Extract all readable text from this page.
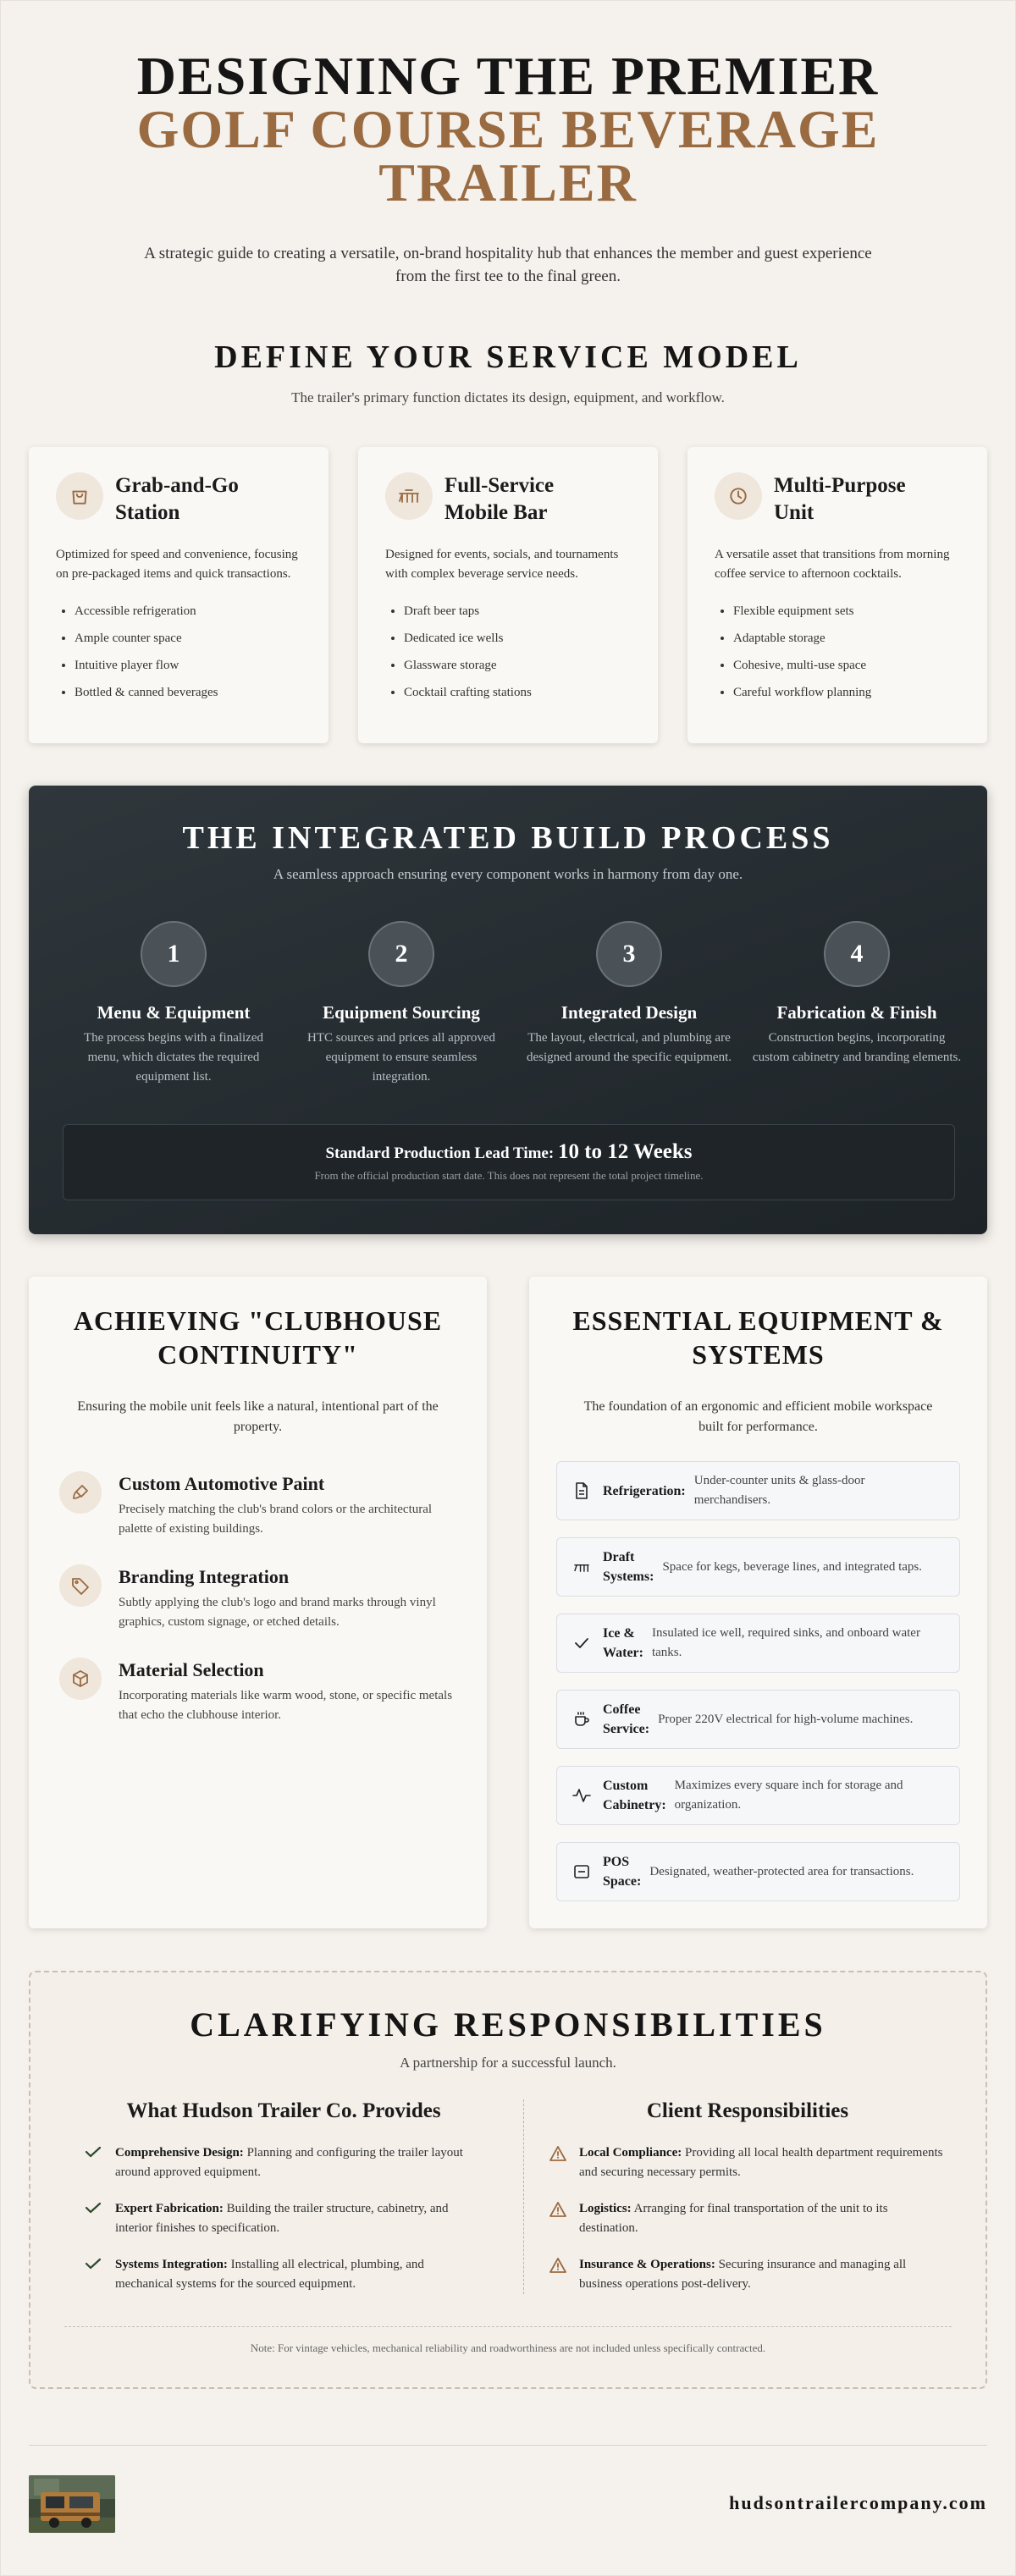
DESIGNING THE PREMIER
GOLF COURSE BEVERAGE
TRAILER
A strategic guide to creating a versatile, on-brand hospitality hub that enhances the member and guest experience from the first tee to the final green.
DEFINE YOUR SERVICE MODEL
The trailer's primary function dictates its design, equipment, and workflow.
Grab-and-Go
Station

Optimized for speed and convenience, focusing on pre-packaged items and quick transactions.

• Accessible refrigeration
• Ample counter space
• Intuitive player flow
• Bottled & canned beverages
Full-Service
Mobile Bar

Designed for events, socials, and tournaments with complex beverage service needs.

• Draft beer taps
• Dedicated ice wells
• Glassware storage
• Cocktail crafting stations
Multi-Purpose
Unit

A versatile asset that transitions from morning coffee service to afternoon cocktails.

• Flexible equipment sets
• Adaptable storage
• Cohesive, multi-use space
• Careful workflow planning
THE INTEGRATED BUILD PROCESS
A seamless approach ensuring every component works in harmony from day one.
1
Menu & Equipment

The process begins with a finalized menu, which dictates the required equipment list.

2
Equipment Sourcing

HTC sources and prices all approved equipment to ensure seamless integration.

3
Integrated Design

The layout, electrical, and plumbing are designed around the specific equipment.

4
Fabrication & Finish

Construction begins, incorporating custom cabinetry and branding elements.

Standard Production Lead Time: 10 to 12 Weeks
From the official production start date. This does not represent the total project timeline.
ACHIEVING "CLUBHOUSE
CONTINUITY"
Ensuring the mobile unit feels like a natural, intentional part of the property.
Custom Automotive Paint

Precisely matching the club's brand colors or the architectural palette of existing buildings.

Branding Integration

Subtly applying the club's logo and brand marks through vinyl graphics, custom signage, or etched details.

Material Selection

Incorporating materials like warm wood, stone, or specific metals that echo the clubhouse interior.

ESSENTIAL EQUIPMENT &
SYSTEMS
The foundation of an ergonomic and efficient mobile workspace built for performance.
Refrigeration:
Under-counter units & glass-door merchandisers.
Draft
Systems:
Space for kegs, beverage lines, and integrated taps.
Ice &
Water:
Insulated ice well, required sinks, and onboard water tanks.
Coffee
Service:
Proper 220V electrical for high-volume machines.
Custom
Cabinetry:
Maximizes every square inch for storage and organization.
POS
Space:
Designated, weather-protected area for transactions.
CLARIFYING RESPONSIBILITIES
A partnership for a successful launch.
What Hudson Trailer Co. Provides
Comprehensive Design: Planning and configuring the trailer layout around approved equipment.
Expert Fabrication: Building the trailer structure, cabinetry, and interior finishes to specification.
Systems Integration: Installing all electrical, plumbing, and mechanical systems for the sourced equipment.
Client Responsibilities
Local Compliance: Providing all local health department requirements and securing necessary permits.
Logistics: Arranging for final transportation of the unit to its destination.
Insurance & Operations: Securing insurance and managing all business operations post-delivery.
Note: For vintage vehicles, mechanical reliability and roadworthiness are not included unless specifically contracted.
hudsontrailercompany.com
